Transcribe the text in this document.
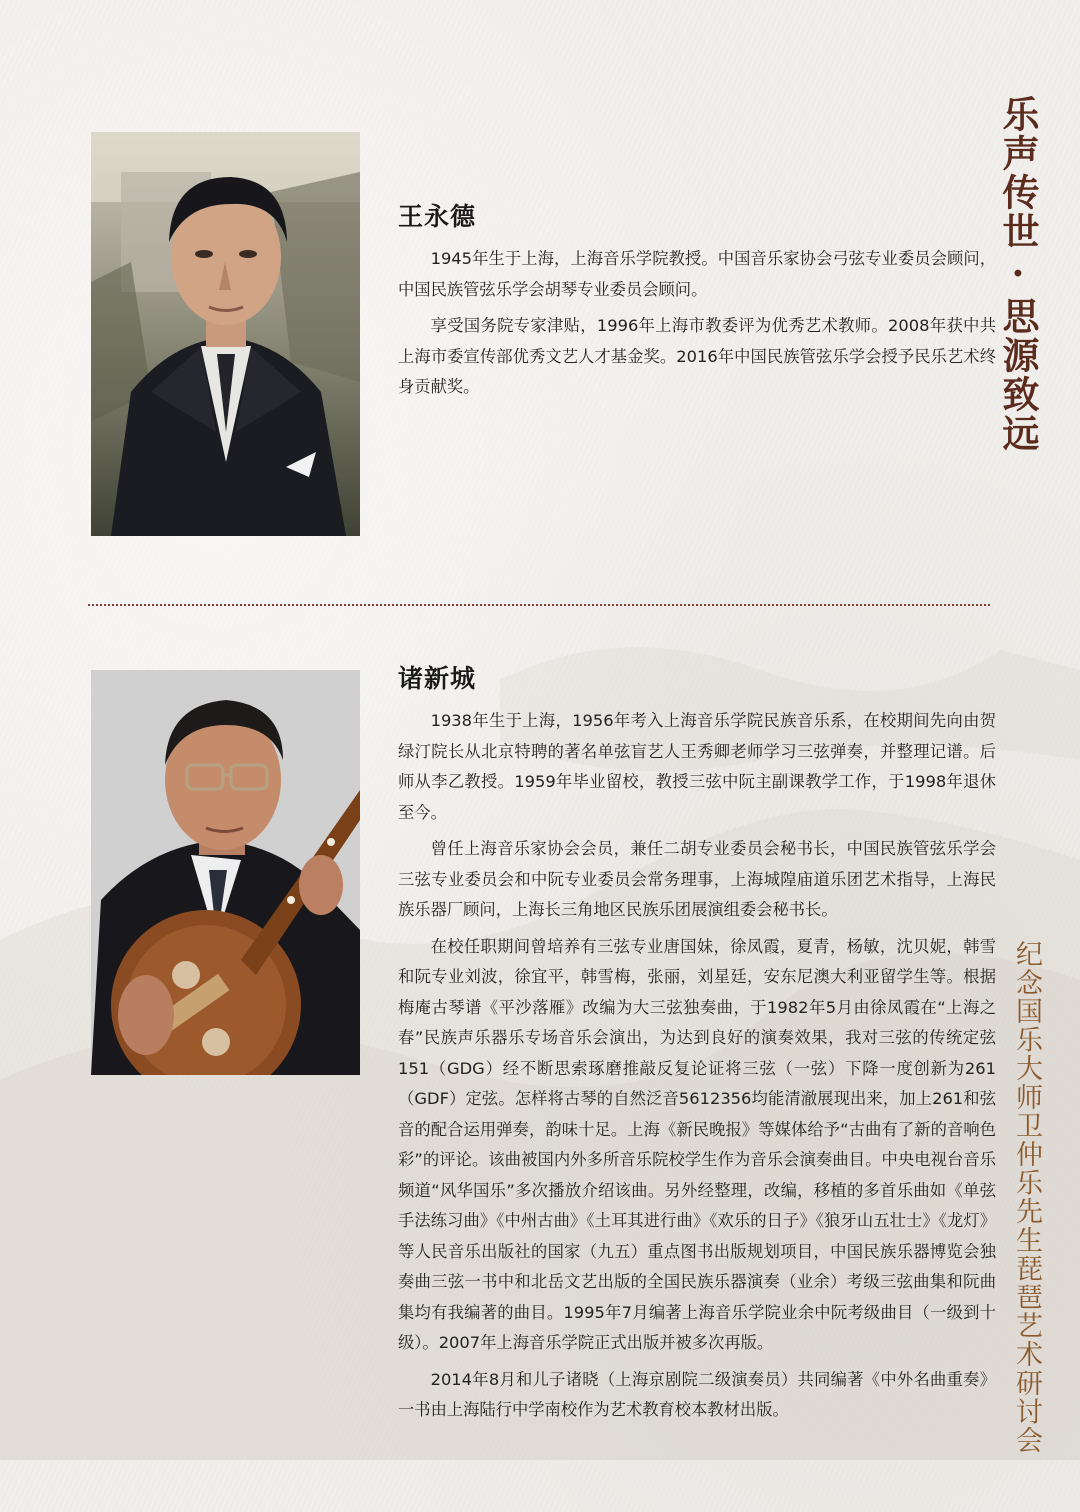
王永德

1945年生于上海，上海音乐学院教授。中国音乐家协会弓弦专业委员会顾问，中国民族管弦乐学会胡琴专业委员会顾问。

享受国务院专家津贴，1996年上海市教委评为优秀艺术教师。2008年获中共上海市委宣传部优秀文艺人才基金奖。2016年中国民族管弦乐学会授予民乐艺术终身贡献奖。

诸新城

1938年生于上海，1956年考入上海音乐学院民族音乐系，在校期间先向由贺绿汀院长从北京特聘的著名单弦盲艺人王秀卿老师学习三弦弹奏，并整理记谱。后师从李乙教授。1959年毕业留校，教授三弦中阮主副课教学工作，于1998年退休至今。

曾任上海音乐家协会会员，兼任二胡专业委员会秘书长，中国民族管弦乐学会三弦专业委员会和中阮专业委员会常务理事，上海城隍庙道乐团艺术指导，上海民族乐器厂顾问，上海长三角地区民族乐团展演组委会秘书长。

在校任职期间曾培养有三弦专业唐国妹，徐凤霞，夏青，杨敏，沈贝妮，韩雪和阮专业刘波，徐宜平，韩雪梅，张丽，刘星廷，安东尼澳大利亚留学生等。根据梅庵古琴谱《平沙落雁》改编为大三弦独奏曲，于1982年5月由徐凤霞在“上海之春”民族声乐器乐专场音乐会演出，为达到良好的演奏效果，我对三弦的传统定弦151（GDG）经不断思索琢磨推敲反复论证将三弦（一弦）下降一度创新为261（GDF）定弦。怎样将古琴的自然泛音5612356均能清澈展现出来，加上261和弦音的配合运用弹奏，韵味十足。上海《新民晚报》等媒体给予“古曲有了新的音响色彩”的评论。该曲被国内外多所音乐院校学生作为音乐会演奏曲目。中央电视台音乐频道“风华国乐”多次播放介绍该曲。另外经整理，改编，移植的多首乐曲如《单弦手法练习曲》《中州古曲》《土耳其进行曲》《欢乐的日子》《狼牙山五壮士》《龙灯》等人民音乐出版社的国家（九五）重点图书出版规划项目，中国民族乐器博览会独奏曲三弦一书中和北岳文艺出版的全国民族乐器演奏（业余）考级三弦曲集和阮曲集均有我编著的曲目。1995年7月编著上海音乐学院业余中阮考级曲目（一级到十级）。2007年上海音乐学院正式出版并被多次再版。

2014年8月和儿子诸晓（上海京剧院二级演奏员）共同编著《中外名曲重奏》一书由上海陆行中学南校作为艺术教育校本教材出版。

乐声传世·思源致远
纪念国乐大师卫仲乐先生琵琶艺术研讨会
